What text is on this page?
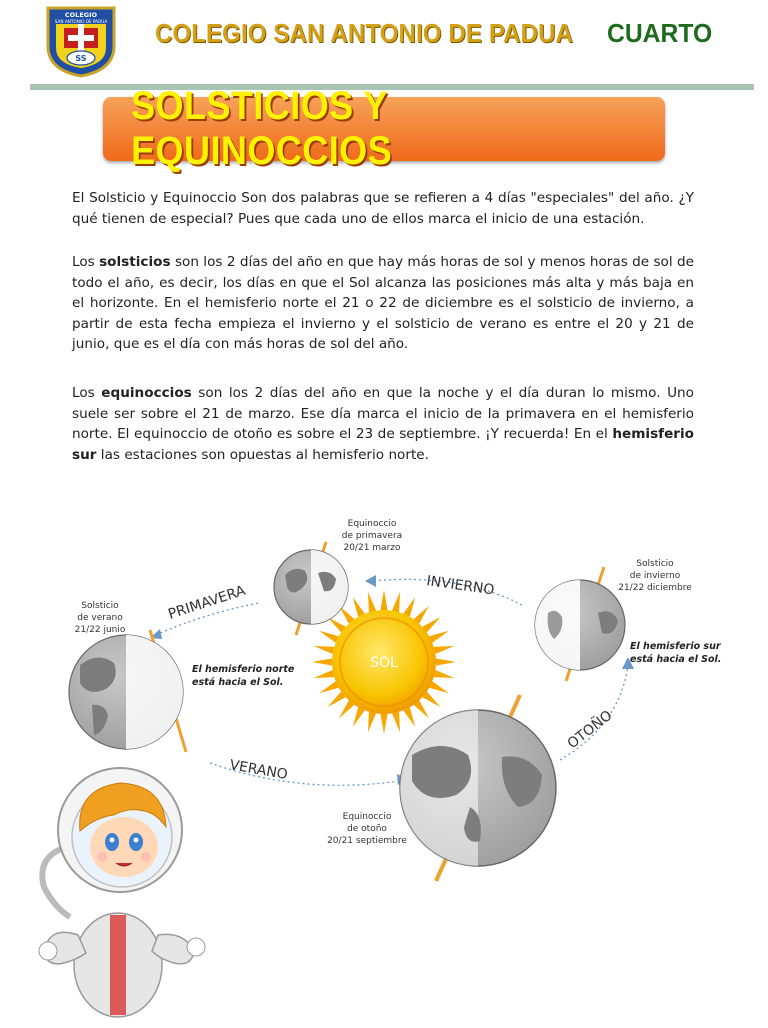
COLEGIO
SAN ANTONIO DE PADUA
SS
COLEGIO SAN ANTONIO DE PADUA CUARTO
SOLSTICIOS Y EQUINOCCIOS
El Solsticio y Equinoccio Son dos palabras que se refieren a 4 días "especiales" del año. ¿Y qué tienen de especial? Pues que cada uno de ellos marca el inicio de una estación.
Los solsticios son los 2 días del año en que hay más horas de sol y menos horas de sol de todo el año, es decir, los días en que el Sol alcanza las posiciones más alta y más baja en el horizonte. En el hemisferio norte el 21 o 22 de diciembre es el solsticio de invierno, a partir de esta fecha empieza el invierno y el solsticio de verano es entre el 20 y 21 de junio, que es el día con más horas de sol del año.
Los equinoccios son los 2 días del año en que la noche y el día duran lo mismo. Uno suele ser sobre el 21 de marzo. Ese día marca el inicio de la primavera en el hemisferio norte. El equinoccio de otoño es sobre el 23 de septiembre. ¡Y recuerda! En el hemisferio sur las estaciones son opuestas al hemisferio norte.
SOL
PRIMAVERA	INVIERNO
VERANO
OTOÑO
Equinoccio
de primavera
20/21 marzo
Solsticio
de verano
21/22 junio
Solsticio
de invierno
21/22 diciembre
Equinoccio
de otoño
20/21 septiembre
El hemisferio norte
está hacia el Sol.
El hemisferio sur
está hacia el Sol.
